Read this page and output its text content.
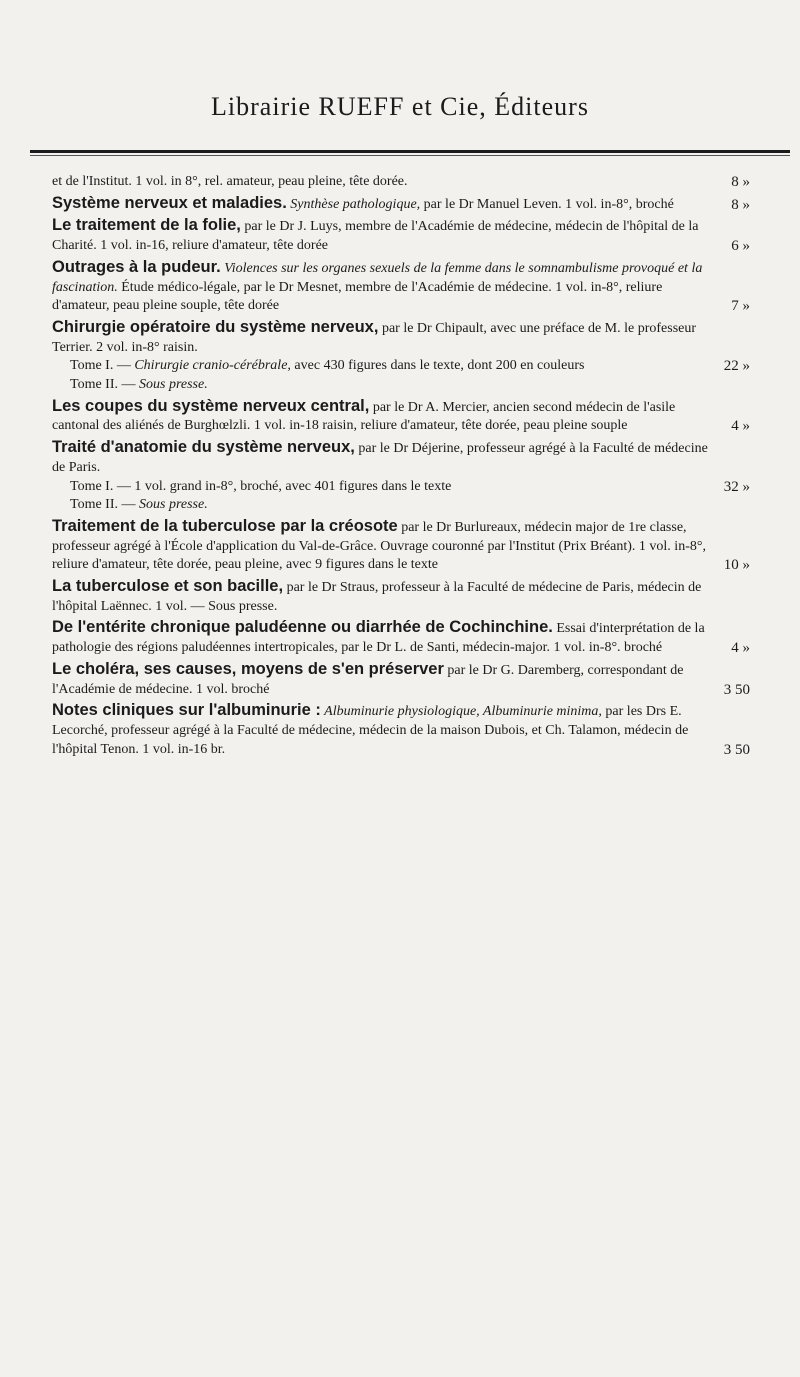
Librairie RUEFF et Cie, Éditeurs
et de l'Institut. 1 vol. in 8°, rel. amateur, peau pleine, tête dorée.	8 »
Système nerveux et maladies. Synthèse pathologique, par le Dr Manuel Leven. 1 vol. in-8°, broché	8 »
Le traitement de la folie, par le Dr J. Luys, membre de l'Académie de médecine, médecin de l'hôpital de la Charité. 1 vol. in-16, reliure d'amateur, tête dorée	6 »
Outrages à la pudeur. Violences sur les organes sexuels de la femme dans le somnambulisme provoqué et la fascination. Étude médico-légale, par le Dr Mesnet, membre de l'Académie de médecine. 1 vol. in-8°, reliure d'amateur, peau pleine souple, tête dorée	7 »
Chirurgie opératoire du système nerveux, par le Dr Chipault, avec une préface de M. le professeur Terrier. 2 vol. in-8° raisin.
Tome I. — Chirurgie cranio-cérébrale, avec 430 figures dans le texte, dont 200 en couleurs	22 »
Tome II. — Sous presse.
Les coupes du système nerveux central, par le Dr A. Mercier, ancien second médecin de l'asile cantonal des aliénés de Burghœlzli. 1 vol. in-18 raisin, reliure d'amateur, tête dorée, peau pleine souple	4 »
Traité d'anatomie du système nerveux, par le Dr Déjerine, professeur agrégé à la Faculté de médecine de Paris.
Tome I. — 1 vol. grand in-8°, broché, avec 401 figures dans le texte	32 »
Tome II. — Sous presse.
Traitement de la tuberculose par la créosote par le Dr Burlureaux, médecin major de 1re classe, professeur agrégé à l'École d'application du Val-de-Grâce. Ouvrage couronné par l'Institut (Prix Bréant). 1 vol. in-8°, reliure d'amateur, tête dorée, peau pleine, avec 9 figures dans le texte	10 »
La tuberculose et son bacille, par le Dr Straus, professeur à la Faculté de médecine de Paris, médecin de l'hôpital Laënnec. 1 vol. — Sous presse.
De l'entérite chronique paludéenne ou diarrhée de Cochinchine. Essai d'interprétation de la pathologie des régions paludéennes intertropicales, par le Dr L. de Santi, médecin-major. 1 vol. in-8°. broché	4 »
Le choléra, ses causes, moyens de s'en préserver par le Dr G. Daremberg, correspondant de l'Académie de médecine. 1 vol. broché	3 50
Notes cliniques sur l'albuminurie : Albuminurie physiologique, Albuminurie minima, par les Drs E. Lecorché, professeur agrégé à la Faculté de médecine, médecin de la maison Dubois, et Ch. Talamon, médecin de l'hôpital Tenon. 1 vol. in-16 br.	3 50
